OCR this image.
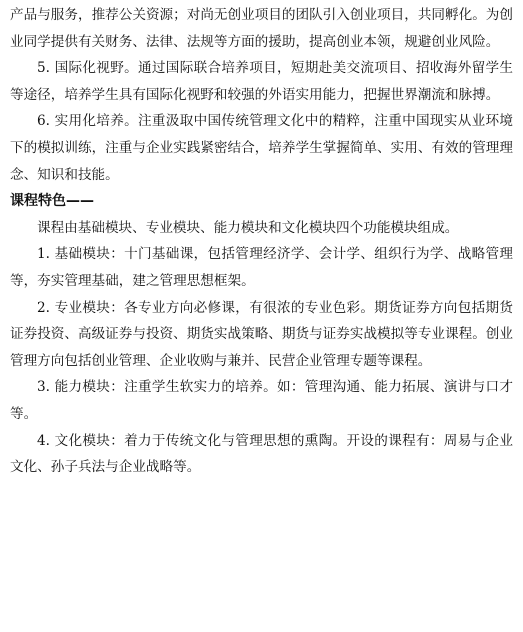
产品与服务，推荐公关资源；对尚无创业项目的团队引入创业项目，共同孵化。为创业同学提供有关财务、法律、法规等方面的援助，提高创业本领，规避创业风险。

5. 国际化视野。通过国际联合培养项目，短期赴美交流项目、招收海外留学生等途径，培养学生具有国际化视野和较强的外语实用能力，把握世界潮流和脉搏。

6. 实用化培养。注重汲取中国传统管理文化中的精粹，注重中国现实从业环境下的模拟训练，注重与企业实践紧密结合，培养学生掌握简单、实用、有效的管理理念、知识和技能。

课程特色——

课程由基础模块、专业模块、能力模块和文化模块四个功能模块组成。

1. 基础模块：十门基础课，包括管理经济学、会计学、组织行为学、战略管理等，夯实管理基础，建之管理思想框架。

2. 专业模块：各专业方向必修课，有很浓的专业色彩。期货证券方向包括期货证券投资、高级证券与投资、期货实战策略、期货与证券实战模拟等专业课程。创业管理方向包括创业管理、企业收购与兼并、民营企业管理专题等课程。

3. 能力模块：注重学生软实力的培养。如：管理沟通、能力拓展、演讲与口才等。

4. 文化模块：着力于传统文化与管理思想的熏陶。开设的课程有：周易与企业文化、孙子兵法与企业战略等。
